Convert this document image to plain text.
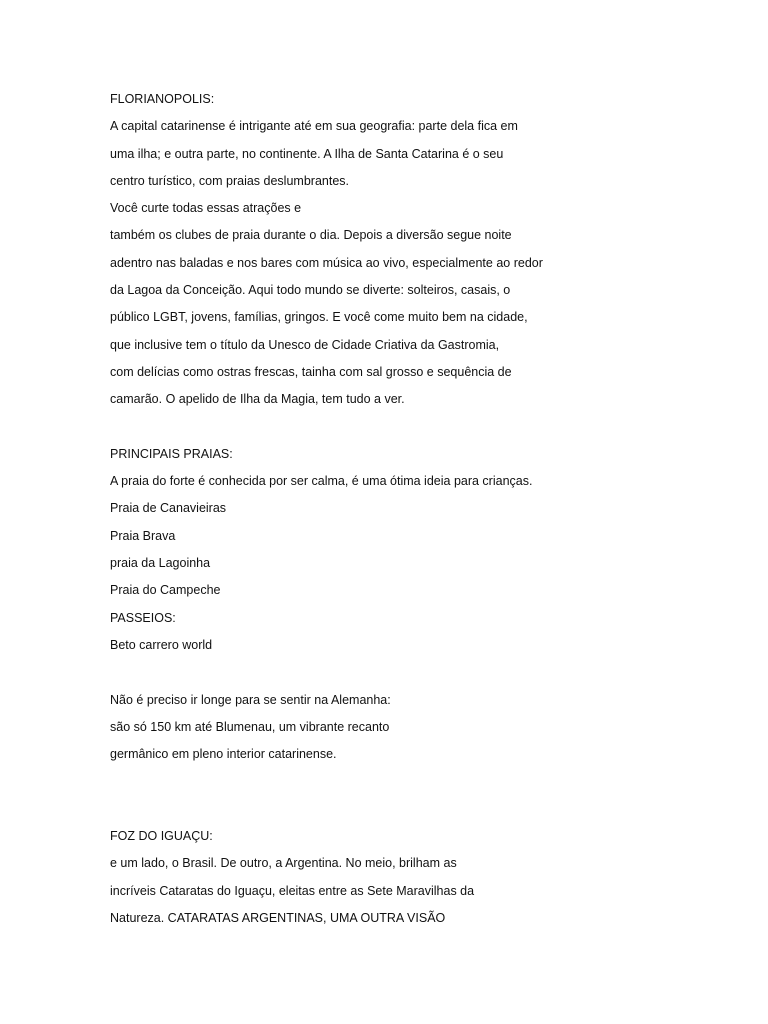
FLORIANOPOLIS:
A capital catarinense é intrigante até em sua geografia: parte dela fica em
uma ilha; e outra parte, no continente. A Ilha de Santa Catarina é o seu
centro turístico, com praias deslumbrantes.
Você curte todas essas atrações e
também os clubes de praia durante o dia. Depois a diversão segue noite
adentro nas baladas e nos bares com música ao vivo, especialmente ao redor
da Lagoa da Conceição. Aqui todo mundo se diverte: solteiros, casais, o
público LGBT, jovens, famílias, gringos. E você come muito bem na cidade,
que inclusive tem o título da Unesco de Cidade Criativa da Gastromia,
com delícias como ostras frescas, tainha com sal grosso e sequência de
camarão. O apelido de Ilha da Magia, tem tudo a ver.
PRINCIPAIS PRAIAS:
A praia do forte é conhecida por ser calma, é uma ótima ideia para crianças.
Praia de Canavieiras
Praia Brava
praia da Lagoinha
Praia do Campeche
PASSEIOS:
Beto carrero world
Não é preciso ir longe para se sentir na Alemanha:
são só 150 km até Blumenau, um vibrante recanto
germânico em pleno interior catarinense.
FOZ DO IGUAÇU:
e um lado, o Brasil. De outro, a Argentina. No meio, brilham as
incríveis Cataratas do Iguaçu, eleitas entre as Sete Maravilhas da
Natureza. CATARATAS ARGENTINAS, UMA OUTRA VISÃO
